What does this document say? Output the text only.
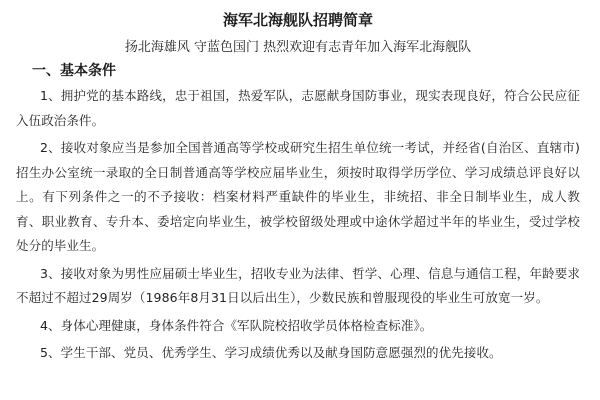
海军北海舰队招聘简章
扬北海雄风 守蓝色国门 热烈欢迎有志青年加入海军北海舰队
一、基本条件

1、拥护党的基本路线，忠于祖国，热爱军队，志愿献身国防事业，现实表现良好，符合公民应征入伍政治条件。

2、接收对象应当是参加全国普通高等学校或研究生招生单位统一考试，并经省(自治区、直辖市)招生办公室统一录取的全日制普通高等学校应届毕业生，须按时取得学历学位、学习成绩总评良好以上。有下列条件之一的不予接收：档案材料严重缺件的毕业生，非统招、非全日制毕业生，成人教育、职业教育、专升本、委培定向毕业生，被学校留级处理或中途休学超过半年的毕业生，受过学校处分的毕业生。

3、接收对象为男性应届硕士毕业生，招收专业为法律、哲学、心理、信息与通信工程，年龄要求不超过不超过29周岁（1986年8月31日以后出生），少数民族和曾服现役的毕业生可放宽一岁。

4、身体心理健康，身体条件符合《军队院校招收学员体格检查标准》。

5、学生干部、党员、优秀学生、学习成绩优秀以及献身国防意愿强烈的优先接收。
